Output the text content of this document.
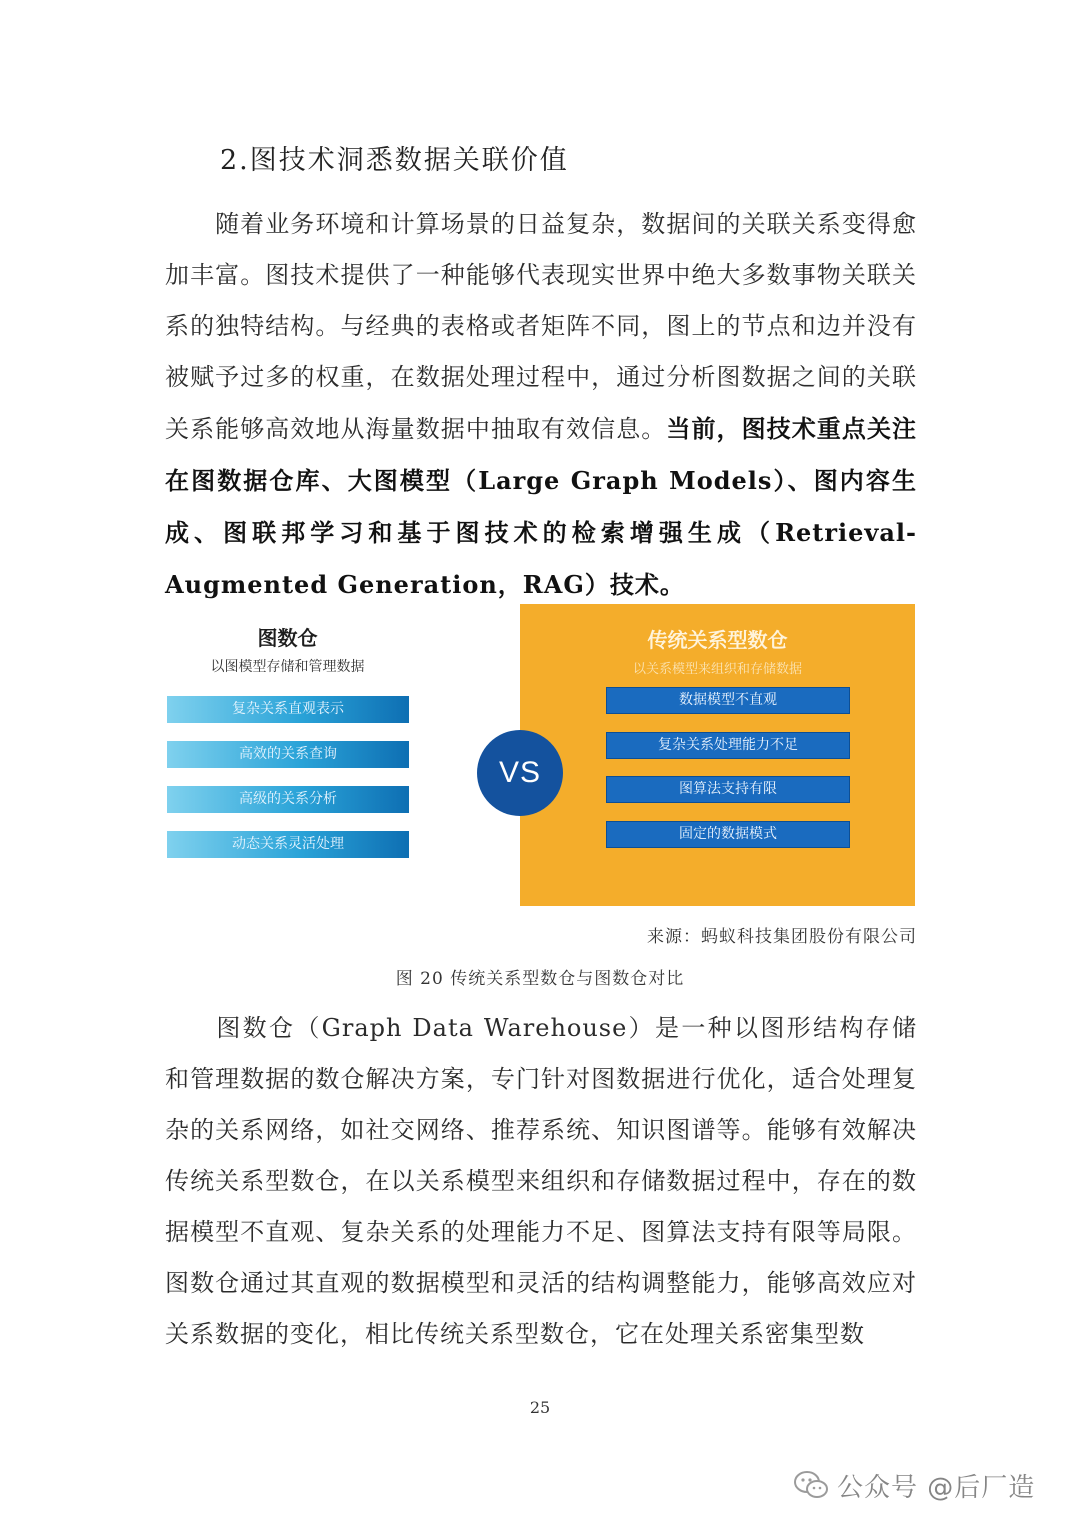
2.图技术洞悉数据关联价值
随着业务环境和计算场景的日益复杂，数据间的关联关系变得愈加丰富。图技术提供了一种能够代表现实世界中绝大多数事物关联关系的独特结构。与经典的表格或者矩阵不同，图上的节点和边并没有被赋予过多的权重，在数据处理过程中，通过分析图数据之间的关联关系能够高效地从海量数据中抽取有效信息。当前，图技术重点关注在图数据仓库、大图模型（Large Graph Models）、图内容生成、图联邦学习和基于图技术的检索增强生成（Retrieval-Augmented Generation，RAG）技术。
图数仓
以图模型存储和管理数据
复杂关系直观表示
高效的关系查询
高级的关系分析
动态关系灵活处理
传统关系型数仓
以关系模型来组织和存储数据
数据模型不直观
复杂关系处理能力不足
图算法支持有限
固定的数据模式
VS
来源：蚂蚁科技集团股份有限公司
图 20 传统关系型数仓与图数仓对比
图数仓（Graph Data Warehouse）是一种以图形结构存储和管理数据的数仓解决方案，专门针对图数据进行优化，适合处理复杂的关系网络，如社交网络、推荐系统、知识图谱等。能够有效解决传统关系型数仓，在以关系模型来组织和存储数据过程中，存在的数据模型不直观、复杂关系的处理能力不足、图算法支持有限等局限。图数仓通过其直观的数据模型和灵活的结构调整能力，能够高效应对关系数据的变化，相比传统关系型数仓，它在处理关系密集型数
25
公众号 @后厂造
